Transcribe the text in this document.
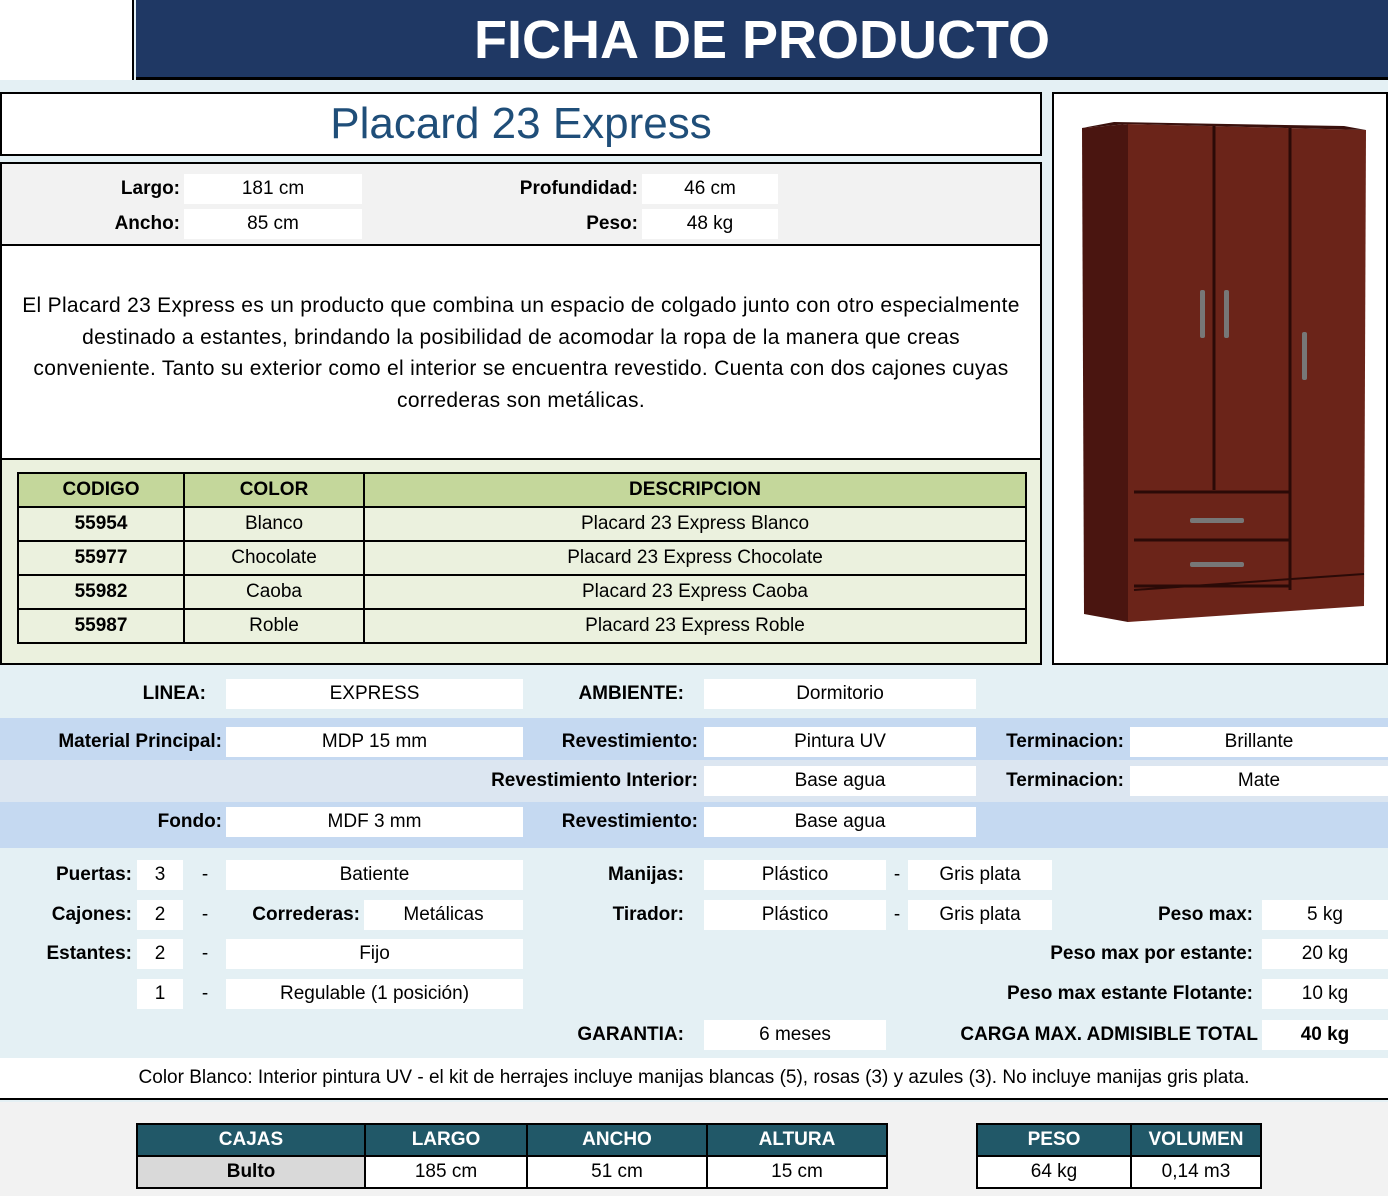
FICHA DE PRODUCTO
Placard 23 Express
Largo:	181 cm
Ancho:	85 cm
Profundidad:	46 cm
Peso:	48 kg
El Placard 23 Express es un producto que combina un espacio de colgado junto con otro especialmente destinado a estantes, brindando la posibilidad de acomodar la ropa de la manera que creas conveniente. Tanto su exterior como el interior se encuentra revestido. Cuenta con dos cajones cuyas correderas son metálicas.
CODIGO	COLOR	DESCRIPCION
55954	Blanco	Placard 23 Express Blanco
55977	Chocolate	Placard 23 Express Chocolate
55982	Caoba	Placard 23 Express Caoba
55987	Roble	Placard 23 Express Roble
LINEA:	EXPRESS	AMBIENTE:	Dormitorio
Material Principal:	MDP 15 mm	Revestimiento:	Pintura UV	Terminacion:	Brillante
Revestimiento Interior:	Base agua	Terminacion:	Mate
Fondo:	MDF 3 mm	Revestimiento:	Base agua
Puertas:	3	-	Batiente	Manijas:	Plástico	-	Gris plata
Cajones:	2	-	Correderas:	Metálicas	Tirador:	Plástico	-	Gris plata	Peso max:	5 kg
Estantes:	2	-	Fijo	Peso max por estante:	20 kg
1	-	Regulable (1 posición)	Peso max estante Flotante:	10 kg
GARANTIA:	6 meses	CARGA MAX. ADMISIBLE TOTAL	40 kg
Color Blanco: Interior pintura UV - el kit de herrajes incluye manijas blancas (5), rosas (3) y azules (3). No incluye manijas gris plata.
CAJAS	LARGO	ANCHO	ALTURA
Bulto	185 cm	51 cm	15 cm
PESO	VOLUMEN
64 kg	0,14 m3
